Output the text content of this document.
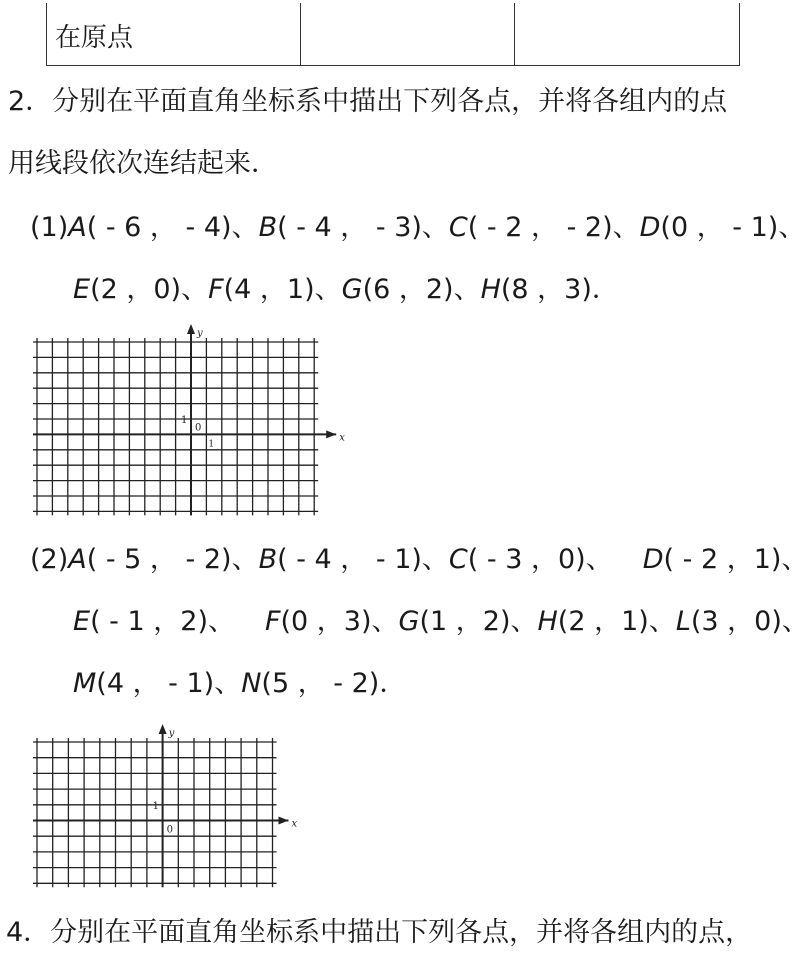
在原点
2．分别在平面直角坐标系中描出下列各点，并将各组内的点
用线段依次连结起来．
(1)A( - 6 ， - 4)、B( - 4 ， - 3)、C( - 2 ， - 2)、D(0 ， - 1)、
E(2 ，0)、F(4 ，1)、G(6 ，2)、H(8 ，3)．
y
x
1
0
1
(2)A( - 5 ， - 2)、B( - 4 ， - 1)、C( - 3 ，0)、 D( - 2 ，1)、
E( - 1 ，2)、 F(0 ，3)、G(1 ，2)、H(2 ，1)、L(3 ，0)、
M(4 ， - 1)、N(5 ， - 2)．
y
x
1
0
4．分别在平面直角坐标系中描出下列各点，并将各组内的点，
